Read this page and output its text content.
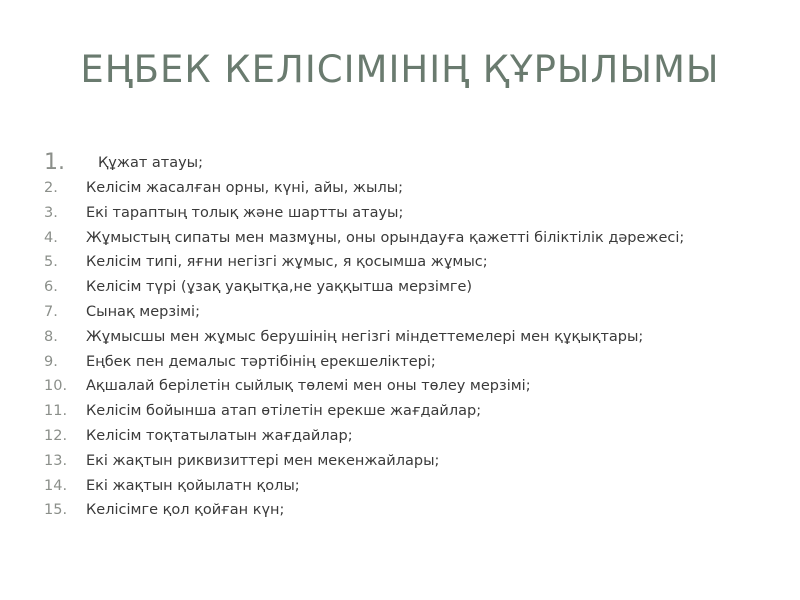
ЕҢБЕК КЕЛІСІМІНІҢ ҚҰРЫЛЫМЫ
1.	Құжат атауы;
2.	Келісім жасалған орны, күні, айы, жылы;
3.	Екі тараптың толық және шартты атауы;
4.	Жұмыстың сипаты мен мазмұны, оны орындауға қажетті біліктілік дәрежесі;
5.	Келісім типі, яғни негізгі жұмыс, я қосымша жұмыс;
6.	Келісім түрі (ұзақ уақытқа,не уаққытша мерзімге)
7.	Сынақ мерзімі;
8.	Жұмысшы мен жұмыс берушінің негізгі міндеттемелері мен құқықтары;
9.	Еңбек пен демалыс тәртібінің ерекшеліктері;
10.	Ақшалай берілетін сыйлық төлемі мен оны төлеу мерзімі;
11.	Келісім бойынша атап өтілетін ерекше жағдайлар;
12.	Келісім тоқтатылатын жағдайлар;
13.	Екі жақтын риквизиттері мен мекенжайлары;
14.	Екі жақтын қойылатн қолы;
15.	Келісімге қол қойған күн;
